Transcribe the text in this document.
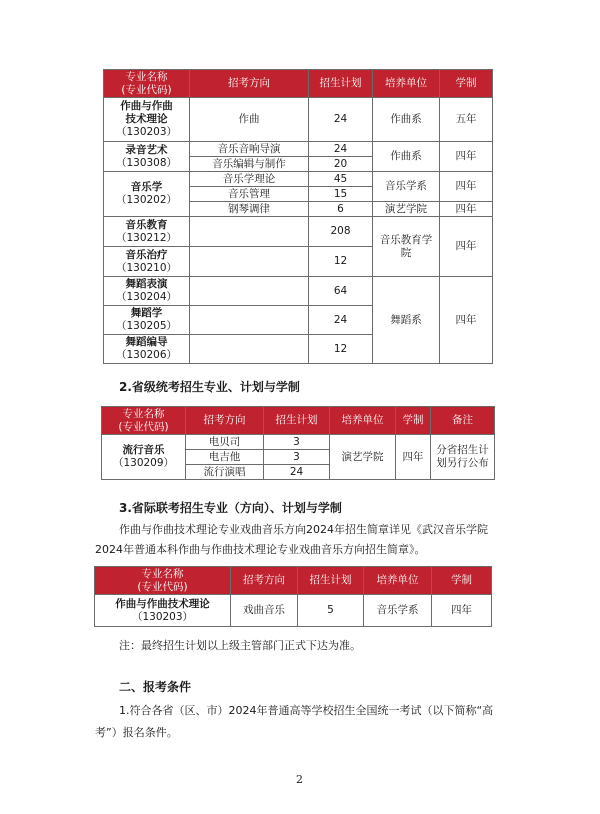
专业名称
(专业代码)	招考方向	招生计划	培养单位	学制
作曲与作曲
技术理论
（130203）	作曲	24	作曲系	五年
录音艺术
（130308）	音乐音响导演	24	作曲系	四年
	音乐编辑与制作	20		
音乐学
（130202）	音乐学理论	45	音乐学系	四年
	音乐管理	15		
	钢琴调律	6	演艺学院	四年
音乐教育
（130212）		208	音乐教育学
院	四年
音乐治疗
（130210）		12		
舞蹈表演
（130204）		64	舞蹈系	四年
舞蹈学
（130205）		24		
舞蹈编导
（130206）		12		
2.省级统考招生专业、计划与学制
专业名称
(专业代码)	招考方向	招生计划	培养单位	学制	备注
流行音乐
（130209）	电贝司	3	演艺学院	四年	分省招生计
划另行公布
	电吉他	3			
	流行演唱	24			
3.省际联考招生专业（方向）、计划与学制
作曲与作曲技术理论专业戏曲音乐方向2024年招生简章详见《武汉音乐学院2024年普通本科作曲与作曲技术理论专业戏曲音乐方向招生简章》。
专业名称
(专业代码)	招考方向	招生计划	培养单位	学制
作曲与作曲技术理论
（130203）	戏曲音乐	5	音乐学系	四年
注：最终招生计划以上级主管部门正式下达为准。
二、报考条件
1.符合各省（区、市）2024年普通高等学校招生全国统一考试（以下简称“高考”）报名条件。
2
